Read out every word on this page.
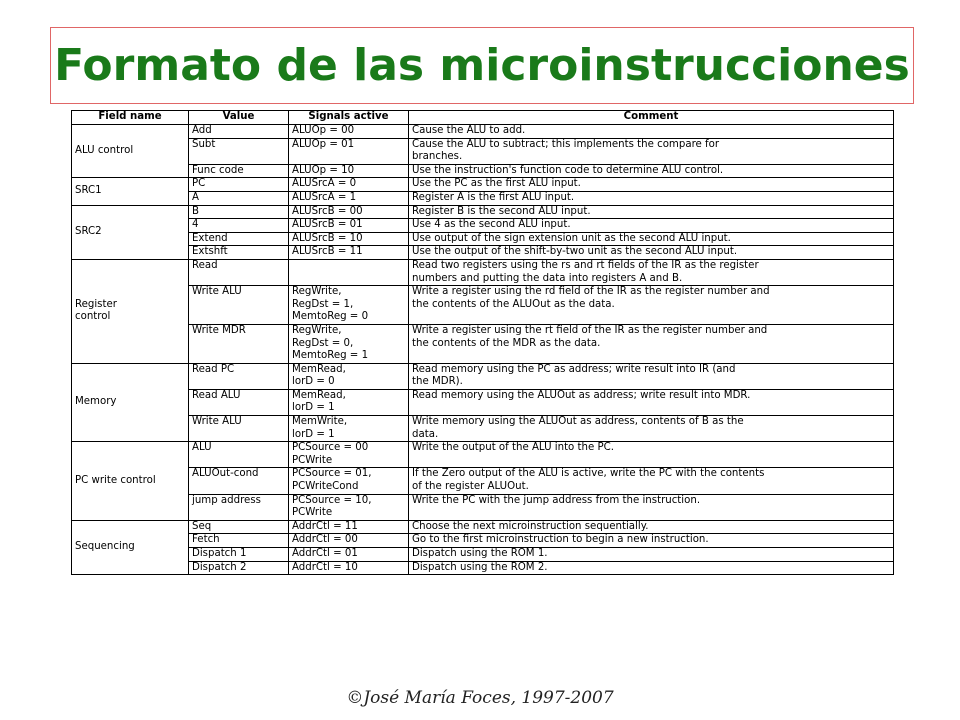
Formato de las microinstrucciones
Field name	Value	Signals active	Comment
ALU control	Add	ALUOp = 00	Cause the ALU to add.
	Subt	ALUOp = 01	Cause the ALU to subtract; this implements the compare for
branches.
	Func code	ALUOp = 10	Use the instruction's function code to determine ALU control.
SRC1	PC	ALUSrcA = 0	Use the PC as the first ALU input.
	A	ALUSrcA = 1	Register A is the first ALU input.
SRC2	B	ALUSrcB = 00	Register B is the second ALU input.
	4	ALUSrcB = 01	Use 4 as the second ALU input.
	Extend	ALUSrcB = 10	Use output of the sign extension unit as the second ALU input.
	Extshft	ALUSrcB = 11	Use the output of the shift-by-two unit as the second ALU input.
Register
control	Read		Read two registers using the rs and rt fields of the IR as the register
numbers and putting the data into registers A and B.
	Write ALU	RegWrite,
RegDst = 1,
MemtoReg = 0	Write a register using the rd field of the IR as the register number and
the contents of the ALUOut as the data.
	Write MDR	RegWrite,
RegDst = 0,
MemtoReg = 1	Write a register using the rt field of the IR as the register number and
the contents of the MDR as the data.
Memory	Read PC	MemRead,
lorD = 0	Read memory using the PC as address; write result into IR (and
the MDR).
	Read ALU	MemRead,
lorD = 1	Read memory using the ALUOut as address; write result into MDR.
	Write ALU	MemWrite,
lorD = 1	Write memory using the ALUOut as address, contents of B as the
data.
PC write control	ALU	PCSource = 00
PCWrite	Write the output of the ALU into the PC.
	ALUOut-cond	PCSource = 01,
PCWriteCond	If the Zero output of the ALU is active, write the PC with the contents
of the register ALUOut.
	jump address	PCSource = 10,
PCWrite	Write the PC with the jump address from the instruction.
Sequencing	Seq	AddrCtl = 11	Choose the next microinstruction sequentially.
	Fetch	AddrCtl = 00	Go to the first microinstruction to begin a new instruction.
	Dispatch 1	AddrCtl = 01	Dispatch using the ROM 1.
	Dispatch 2	AddrCtl = 10	Dispatch using the ROM 2.
©José María Foces, 1997-2007
